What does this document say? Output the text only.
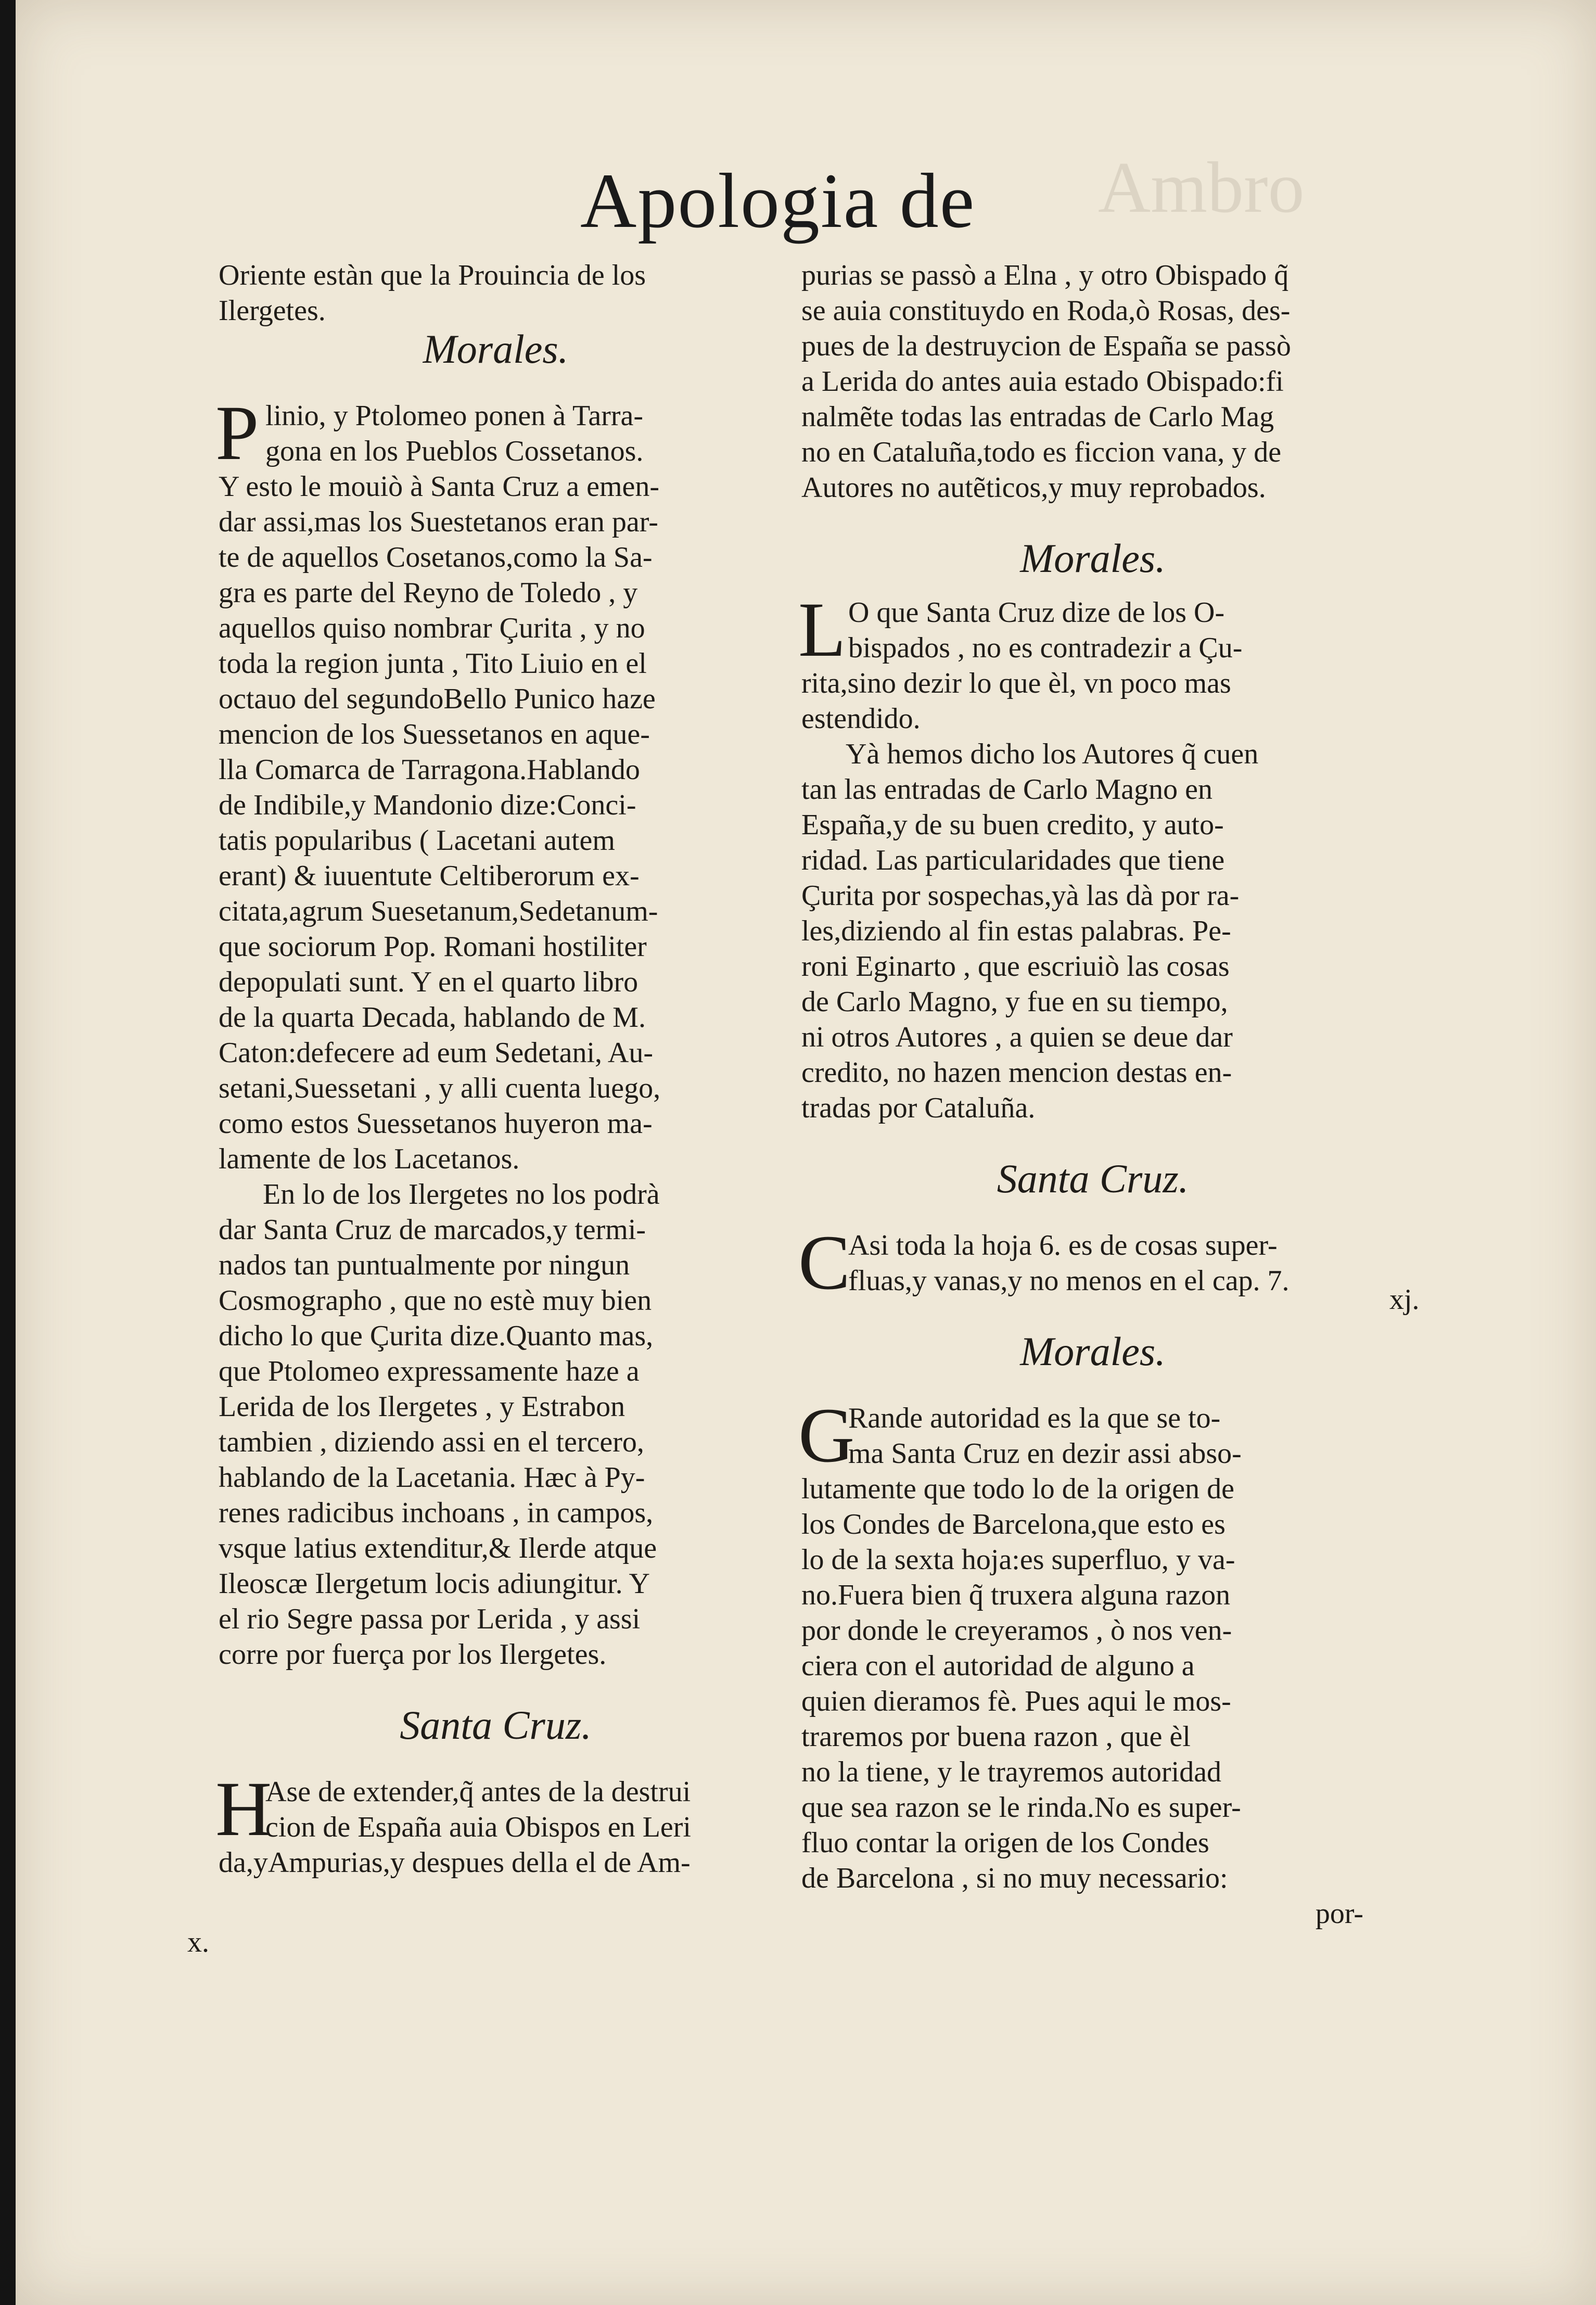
Ambro
Apologia de
Oriente estàn que la Prouincia de los
Ilergetes.
Morales.
P linio, y Ptolomeo ponen à Tarra-
gona en los Pueblos Cossetanos.
Y esto le mouiò à Santa Cruz a emen-
dar assi,mas los Suestetanos eran par-
te de aquellos Cosetanos,como la Sa-
gra es parte del Reyno de Toledo , y
aquellos quiso nombrar Çurita , y no
toda la region junta , Tito Liuio en el
octauo del segundoBello Punico haze
mencion de los Suessetanos en aque-
lla Comarca de Tarragona.Hablando
de Indibile,y Mandonio dize:Conci-
tatis popularibus ( Lacetani autem
erant) & iuuentute Celtiberorum ex-
citata,agrum Suesetanum,Sedetanum-
que sociorum Pop. Romani hostiliter
depopulati sunt. Y en el quarto libro
de la quarta Decada, hablando de M.
Caton:defecere ad eum Sedetani, Au-
setani,Suessetani , y alli cuenta luego,
como estos Suessetanos huyeron ma-
lamente de los Lacetanos.
En lo de los Ilergetes no los podrà
dar Santa Cruz de marcados,y termi-
nados tan puntualmente por ningun
Cosmographo , que no estè muy bien
dicho lo que Çurita dize.Quanto mas,
que Ptolomeo expressamente haze a
Lerida de los Ilergetes , y Estrabon
tambien , diziendo assi en el tercero,
hablando de la Lacetania. Hæc à Py-
renes radicibus inchoans , in campos,
vsque latius extenditur,& Ilerde atque
Ileoscæ Ilergetum locis adiungitur. Y
el rio Segre passa por Lerida , y assi
corre por fuerça por los Ilergetes.
Santa Cruz.
H
Ase de extender,q̃ antes de la destrui
cion de España auia Obispos en Leri
da,yAmpurias,y despues della el de Am-
x.
purias se passò a Elna , y otro Obispado q̃
se auia constituydo en Roda,ò Rosas, des-
pues de la destruycion de España se passò
a Lerida do antes auia estado Obispado:fi
nalmẽte todas las entradas de Carlo Mag
no en Cataluña,todo es ficcion vana, y de
Autores no autẽticos,y muy reprobados.
Morales.
L O que Santa Cruz dize de los O-
bispados , no es contradezir a Çu-
rita,sino dezir lo que èl, vn poco mas
estendido.
Yà hemos dicho los Autores q̃ cuen
tan las entradas de Carlo Magno en
España,y de su buen credito, y auto-
ridad. Las particularidades que tiene
Çurita por sospechas,yà las dà por ra-
les,diziendo al fin estas palabras. Pe-
roni Eginarto , que escriuiò las cosas
de Carlo Magno, y fue en su tiempo,
ni otros Autores , a quien se deue dar
credito, no hazen mencion destas en-
tradas por Cataluña.
Santa Cruz.
C
Asi toda la hoja 6. es de cosas super-
fluas,y vanas,y no menos en el cap. 7.
Morales.
G
Rande autoridad es la que se to-
ma Santa Cruz en dezir assi abso-
lutamente que todo lo de la origen de
los Condes de Barcelona,que esto es
lo de la sexta hoja:es superfluo, y va-
no.Fuera bien q̃ truxera alguna razon
por donde le creyeramos , ò nos ven-
ciera con el autoridad de alguno a
quien dieramos fè. Pues aqui le mos-
traremos por buena razon , que èl
no la tiene, y le trayremos autoridad
que sea razon se le rinda.No es super-
fluo contar la origen de los Condes
de Barcelona , si no muy necessario:
por-
xj.
